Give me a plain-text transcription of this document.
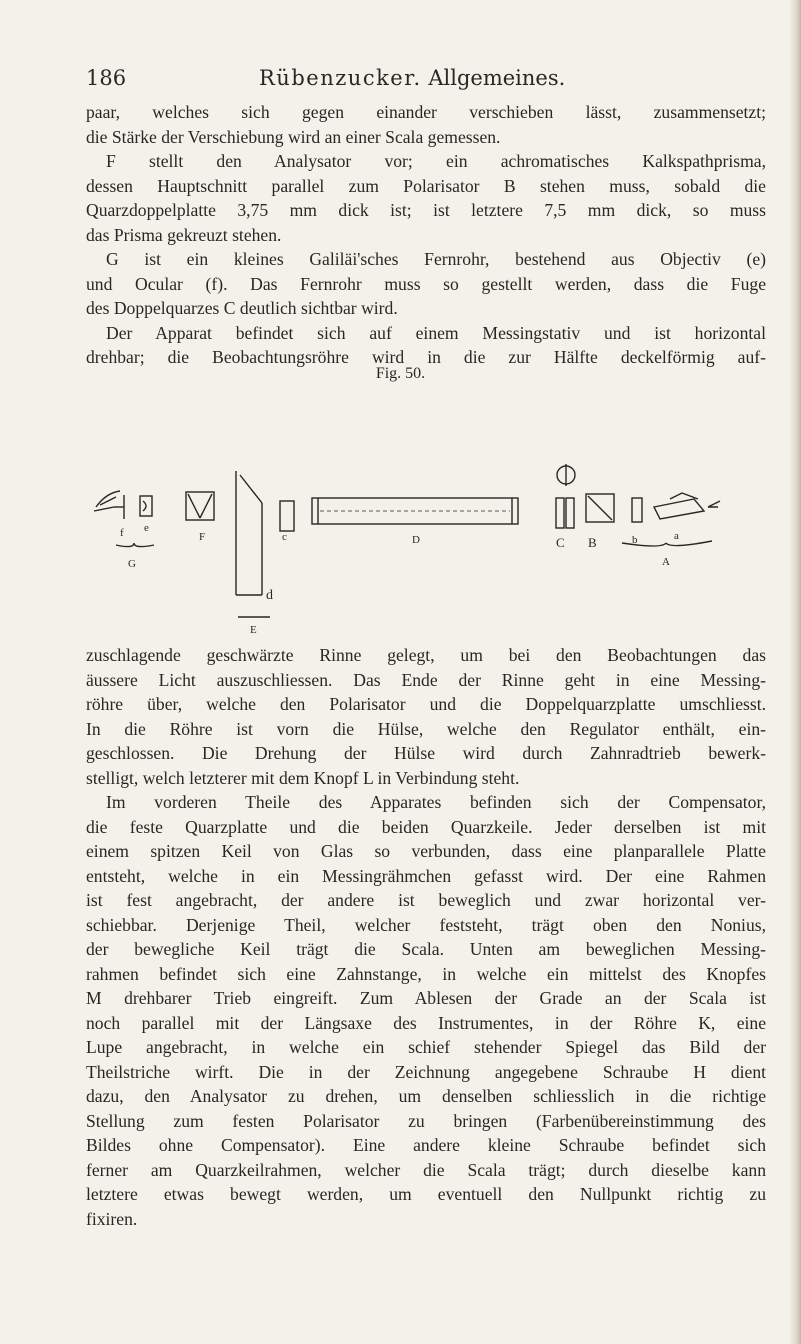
186	Rübenzucker. Allgemeines.
paar, welches sich gegen einander verschieben lässt, zusammensetzt;
die Stärke der Verschiebung wird an einer Scala gemessen.
F stellt den Analysator vor; ein achromatisches Kalkspathprisma,
dessen Hauptschnitt parallel zum Polarisator B stehen muss, sobald die
Quarzdoppelplatte 3,75 mm dick ist; ist letztere 7,5 mm dick, so muss
das Prisma gekreuzt stehen.
G ist ein kleines Galiläi'sches Fernrohr, bestehend aus Objectiv (e)
und Ocular (f). Das Fernrohr muss so gestellt werden, dass die Fuge
des Doppelquarzes C deutlich sichtbar wird.
Der Apparat befindet sich auf einem Messingstativ und ist horizontal
drehbar; die Beobachtungsröhre wird in die zur Hälfte deckelförmig auf-
Fig. 50.
f e
F
G
c
d
E
D	C B	b	a
A
zuschlagende geschwärzte Rinne gelegt, um bei den Beobachtungen das
äussere Licht auszuschliessen. Das Ende der Rinne geht in eine Messing-
röhre über, welche den Polarisator und die Doppelquarzplatte umschliesst.
In die Röhre ist vorn die Hülse, welche den Regulator enthält, ein-
geschlossen. Die Drehung der Hülse wird durch Zahnradtrieb bewerk-
stelligt, welch letzterer mit dem Knopf L in Verbindung steht.
Im vorderen Theile des Apparates befinden sich der Compensator,
die feste Quarzplatte und die beiden Quarzkeile. Jeder derselben ist mit
einem spitzen Keil von Glas so verbunden, dass eine planparallele Platte
entsteht, welche in ein Messingrähmchen gefasst wird. Der eine Rahmen
ist fest angebracht, der andere ist beweglich und zwar horizontal ver-
schiebbar. Derjenige Theil, welcher feststeht, trägt oben den Nonius,
der bewegliche Keil trägt die Scala. Unten am beweglichen Messing-
rahmen befindet sich eine Zahnstange, in welche ein mittelst des Knopfes
M drehbarer Trieb eingreift. Zum Ablesen der Grade an der Scala ist
noch parallel mit der Längsaxe des Instrumentes, in der Röhre K, eine
Lupe angebracht, in welche ein schief stehender Spiegel das Bild der
Theilstriche wirft. Die in der Zeichnung angegebene Schraube H dient
dazu, den Analysator zu drehen, um denselben schliesslich in die richtige
Stellung zum festen Polarisator zu bringen (Farbenübereinstimmung des
Bildes ohne Compensator). Eine andere kleine Schraube befindet sich
ferner am Quarzkeilrahmen, welcher die Scala trägt; durch dieselbe kann
letztere etwas bewegt werden, um eventuell den Nullpunkt richtig zu
fixiren.
